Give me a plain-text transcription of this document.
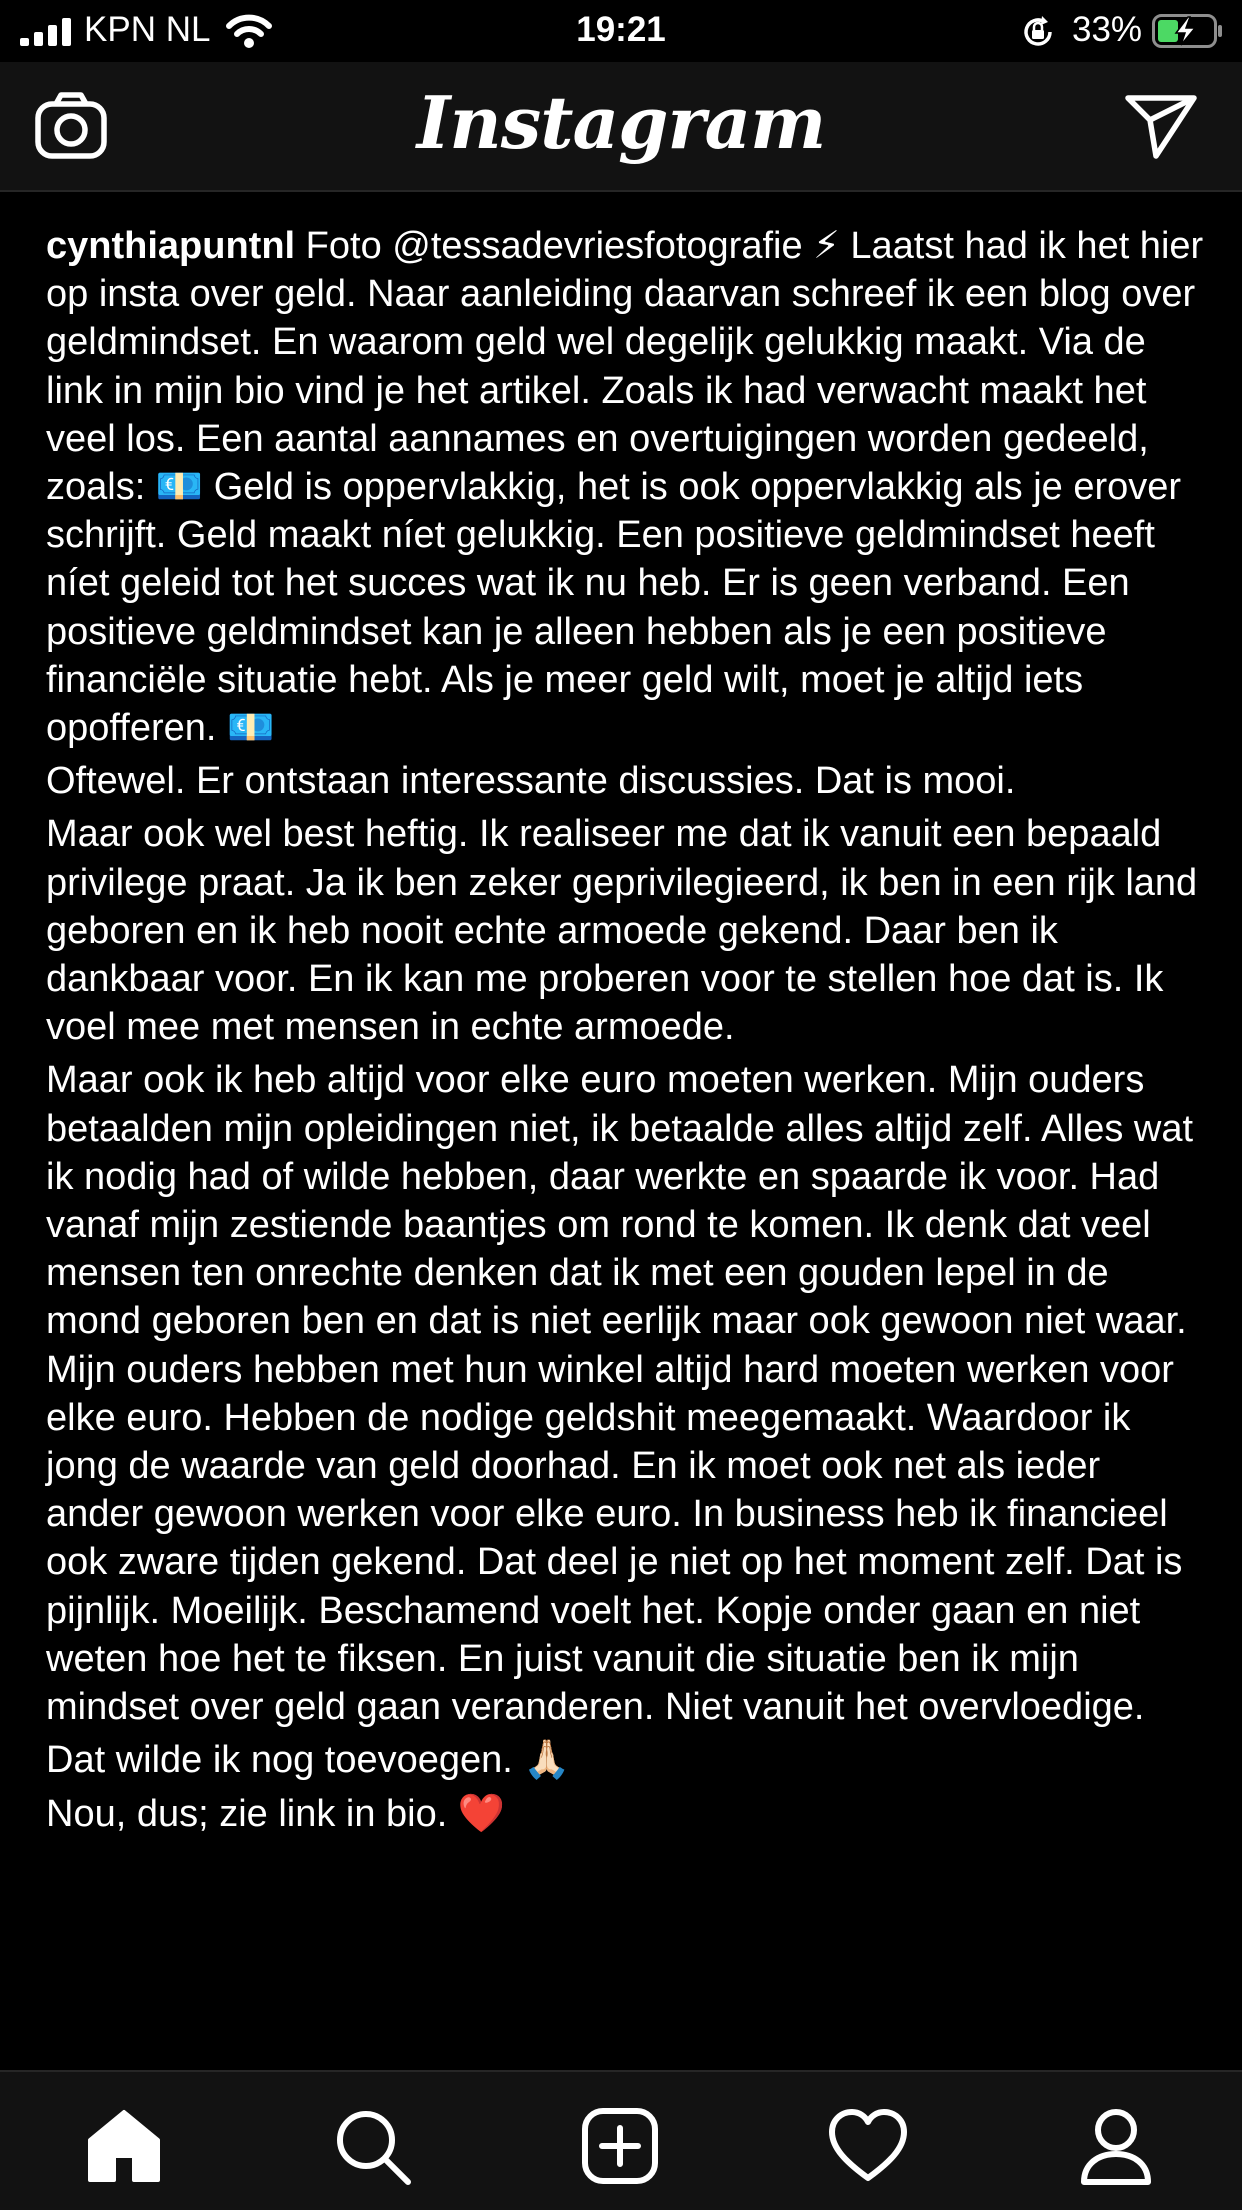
KPN NL	19:21	33%
Instagram

cynthiapuntnl Foto @tessadevriesfotografie ⚡ Laatst had ik het hier op insta over geld. Naar aanleiding daarvan schreef ik een blog over geldmindset. En waarom geld wel degelijk gelukkig maakt. Via de link in mijn bio vind je het artikel. Zoals ik had verwacht maakt het veel los. Een aantal aannames en overtuigingen worden gedeeld, zoals: 💶 Geld is oppervlakkig, het is ook oppervlakkig als je erover schrijft. Geld maakt níet gelukkig. Een positieve geldmindset heeft níet geleid tot het succes wat ik nu heb. Er is geen verband. Een positieve geldmindset kan je alleen hebben als je een positieve financiële situatie hebt. Als je meer geld wilt, moet je altijd iets opofferen. 💶

Oftewel. Er ontstaan interessante discussies. Dat is mooi.

Maar ook wel best heftig. Ik realiseer me dat ik vanuit een bepaald privilege praat. Ja ik ben zeker geprivilegieerd, ik ben in een rijk land geboren en ik heb nooit echte armoede gekend. Daar ben ik dankbaar voor. En ik kan me proberen voor te stellen hoe dat is. Ik voel mee met mensen in echte armoede.

Maar ook ik heb altijd voor elke euro moeten werken. Mijn ouders betaalden mijn opleidingen niet, ik betaalde alles altijd zelf. Alles wat ik nodig had of wilde hebben, daar werkte en spaarde ik voor. Had vanaf mijn zestiende baantjes om rond te komen. Ik denk dat veel mensen ten onrechte denken dat ik met een gouden lepel in de mond geboren ben en dat is niet eerlijk maar ook gewoon niet waar. Mijn ouders hebben met hun winkel altijd hard moeten werken voor elke euro. Hebben de nodige geldshit meegemaakt. Waardoor ik jong de waarde van geld doorhad. En ik moet ook net als ieder ander gewoon werken voor elke euro. In business heb ik financieel ook zware tijden gekend. Dat deel je niet op het moment zelf. Dat is pijnlijk. Moeilijk. Beschamend voelt het. Kopje onder gaan en niet weten hoe het te fiksen. En juist vanuit die situatie ben ik mijn mindset over geld gaan veranderen. Niet vanuit het overvloedige.

Dat wilde ik nog toevoegen. 🙏🏻

Nou, dus; zie link in bio. ❤️
